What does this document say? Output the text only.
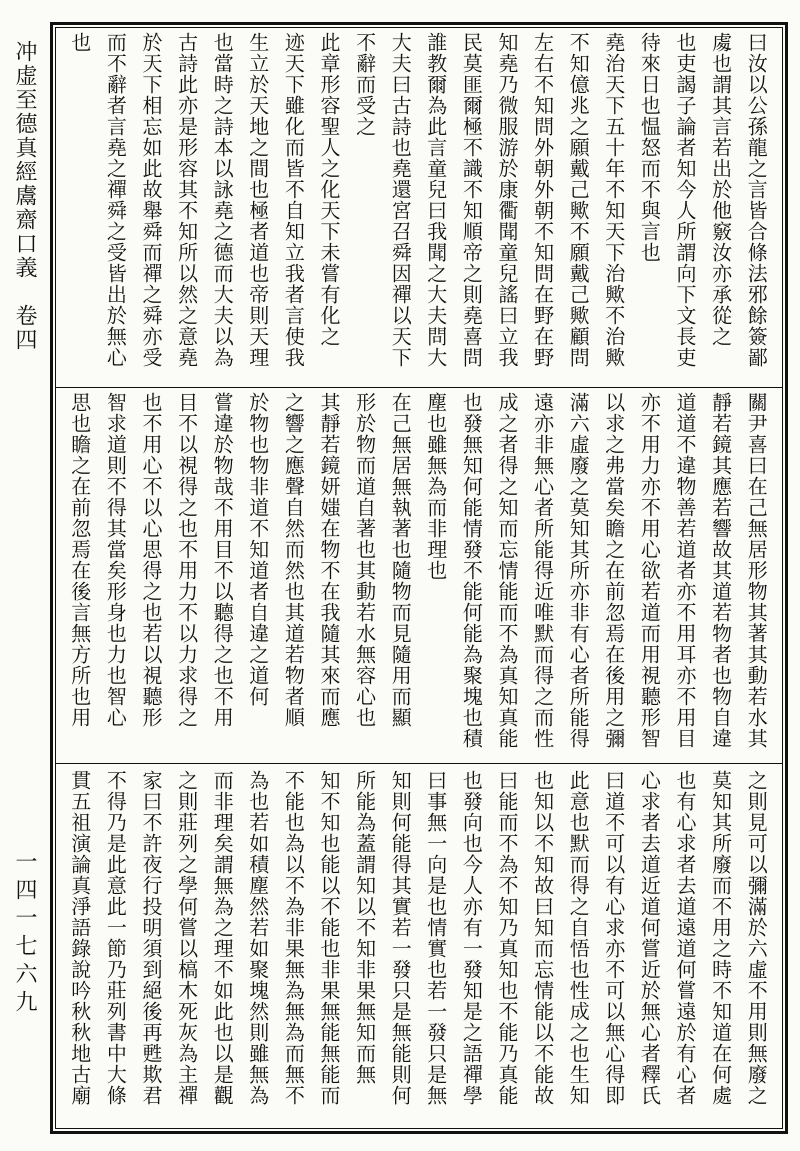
冲虚至德真經鬳齋口義　卷四
一四一七六九
曰汝以公孫龍之言皆合條法邪餘簽鄙
䖏也謂其言若出於他竅汝亦承從之
也吏謁子論者知今人所謂向下文長吏
待來日也愠怒而不與言也
堯治天下五十年不知天下治歟不治歟
不知億兆之願戴己歟不願戴己歟顧問
左右不知問外朝外朝不知問在野在野
知堯乃微服游於康衢聞童兒謠曰立我
民莫匪爾極不識不知順帝之則堯喜問
誰教爾為此言童兒曰我聞之大夫問大
大夫曰古詩也堯還宮召舜因禪以天下
不辭而受之
此章形容聖人之化天下未嘗有化之
迹天下雖化而皆不自知立我者言使我
生立於天地之間也極者道也帝則天理
也當時之詩本以詠堯之德而大夫以為
古詩此亦是形容其不知所以然之意堯
於天下相忘如此故舉舜而禪之舜亦受
而不辭者言堯之禪舜之受皆出於無心
也
關尹喜曰在己無居形物其著其動若水其
靜若鏡其應若響故其道若物者也物自違
道道不違物善若道者亦不用耳亦不用目
亦不用力亦不用心欲若道而用視聽形智
以求之弗當矣瞻之在前忽焉在後用之彌
滿六虛廢之莫知其所亦非有心者所能得
遠亦非無心者所能得近唯默而得之而性
成之者得之知而忘情能而不為真知真能
也發無知何能情發不能何能為聚塊也積
塵也雖無為而非理也
在己無居無執著也隨物而見隨用而顯
形於物而道自著也其動若水無容心也
其靜若鏡妍媸在物不在我隨其來而應
之響之應聲自然而然也其道若物者順
於物也物非道不知道者自違之道何
嘗違於物哉不用目不以聽得之也不用
目不以視得之也不用力不以力求得之
也不用心不以心思得之也若以視聽形
智求道則不得其當矣形身也力也智心
思也瞻之在前忽焉在後言無方所也用
之則見可以彌滿於六虛不用則無廢之
莫知其所廢而不用之時不知道在何處
也有心求者去道遠道何嘗遠於有心者
心求者去道近道何嘗近於無心者釋氏
曰道不可以有心求亦不可以無心得即
此意也默而得之自悟也性成之也生知
也知以不知故曰知而忘情能以不能故
曰能而不為不知乃真知也不能乃真能
也發向也今人亦有一發知是之語禪學
曰事無一向是也情實也若一發只是無
知則何能得其實若一發只是無能則何
所能為蓋謂知以不知非果無知而無
知不知也能以不能也非果無能無能而
不能也為以不為非果無為無為而無不
為也若如積塵然若如聚塊然則雖無為
而非理矣謂無為之理不如此也以是觀
之則莊列之學何嘗以槁木死灰為主禪
家曰不許夜行投明須到絕後再甦欺君
不得乃是此意此一節乃莊列書中大條
貫五祖演論真淨語錄說吟秋秋地古廟
